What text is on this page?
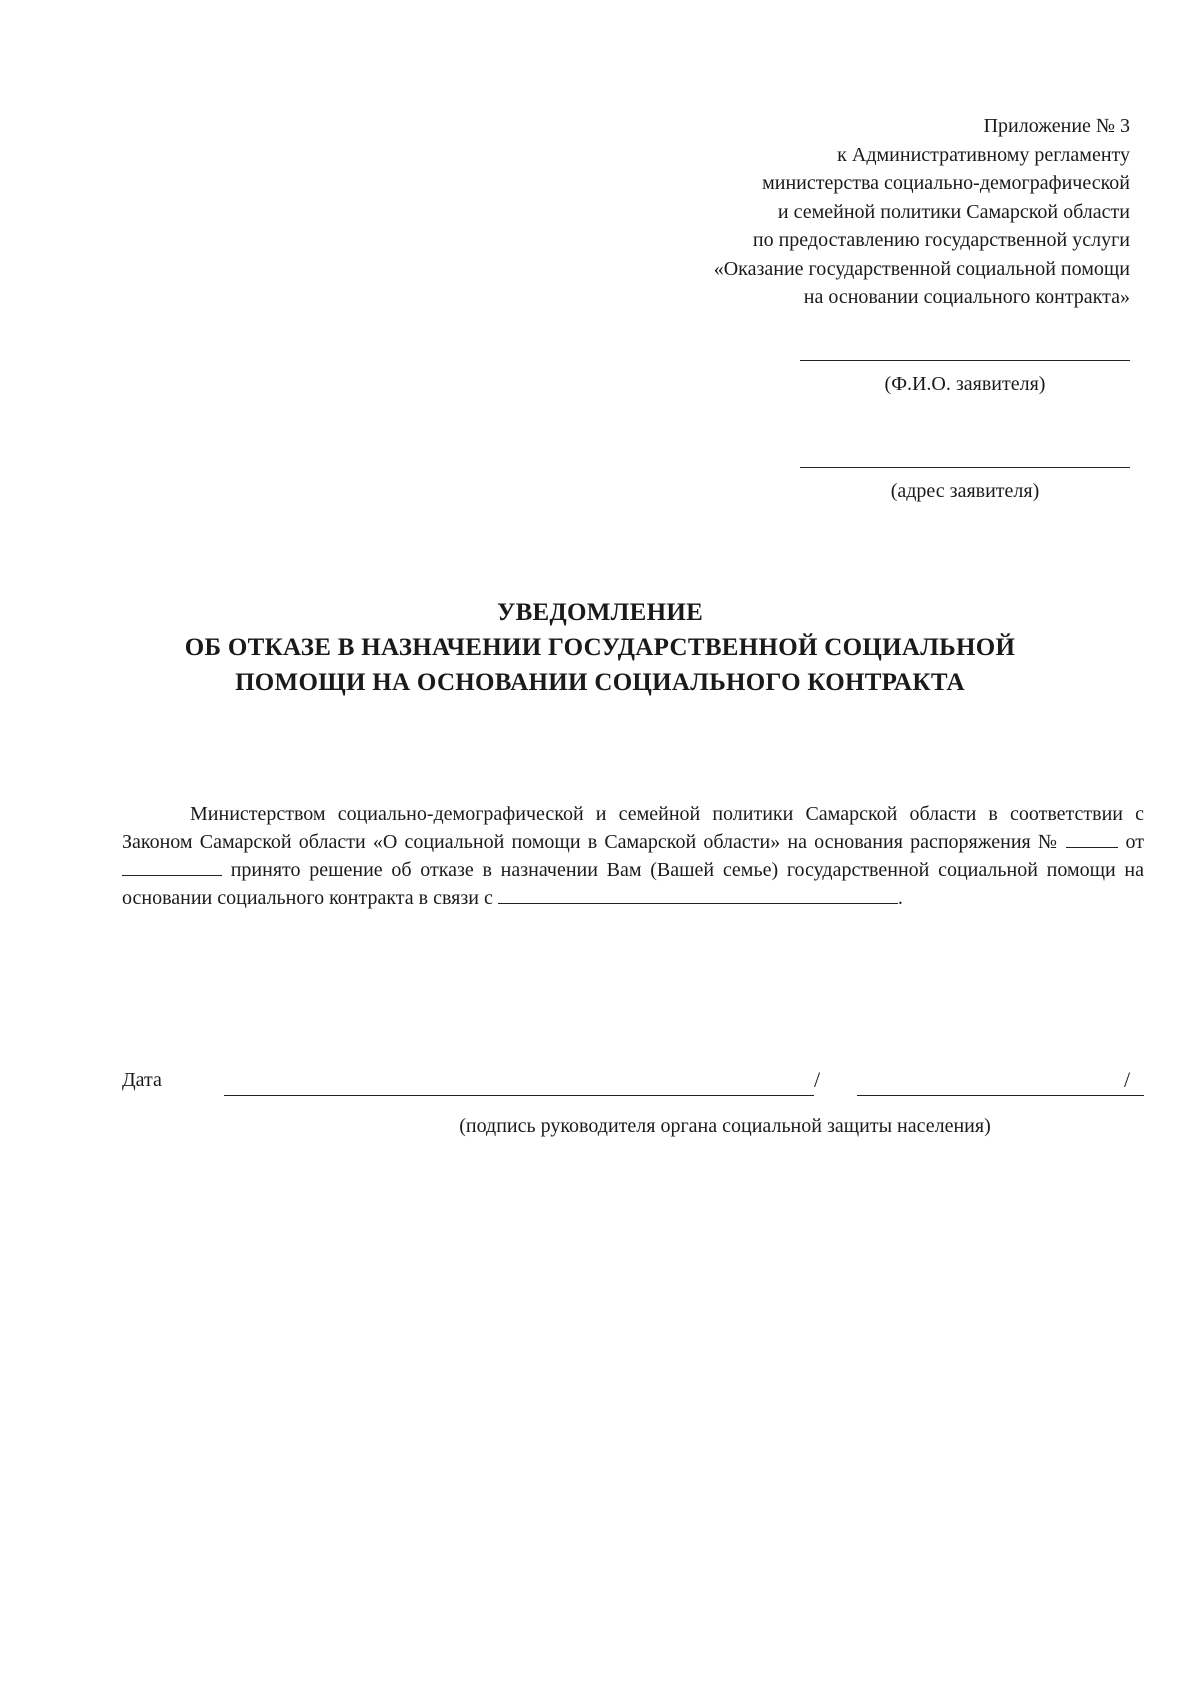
Приложение № 3
к Административному регламенту
министерства социально-демографической
и семейной политики Самарской области
по предоставлению государственной услуги
«Оказание государственной социальной помощи
на основании социального контракта»
(Ф.И.О. заявителя)
(адрес заявителя)
УВЕДОМЛЕНИЕ
ОБ ОТКАЗЕ В НАЗНАЧЕНИИ ГОСУДАРСТВЕННОЙ СОЦИАЛЬНОЙ
ПОМОЩИ НА ОСНОВАНИИ СОЦИАЛЬНОГО КОНТРАКТА

Министерством социально-демографической и семейной политики Самарской области в соответствии с Законом Самарской области «О социальной помощи в Самарской области» на основания распоряжения №	от  принято решение об отказе в назначении Вам (Вашей семье) государственной социальной помощи на основании социального контракта в связи с	.

Дата	/	/
(подпись руководителя органа социальной защиты населения)
